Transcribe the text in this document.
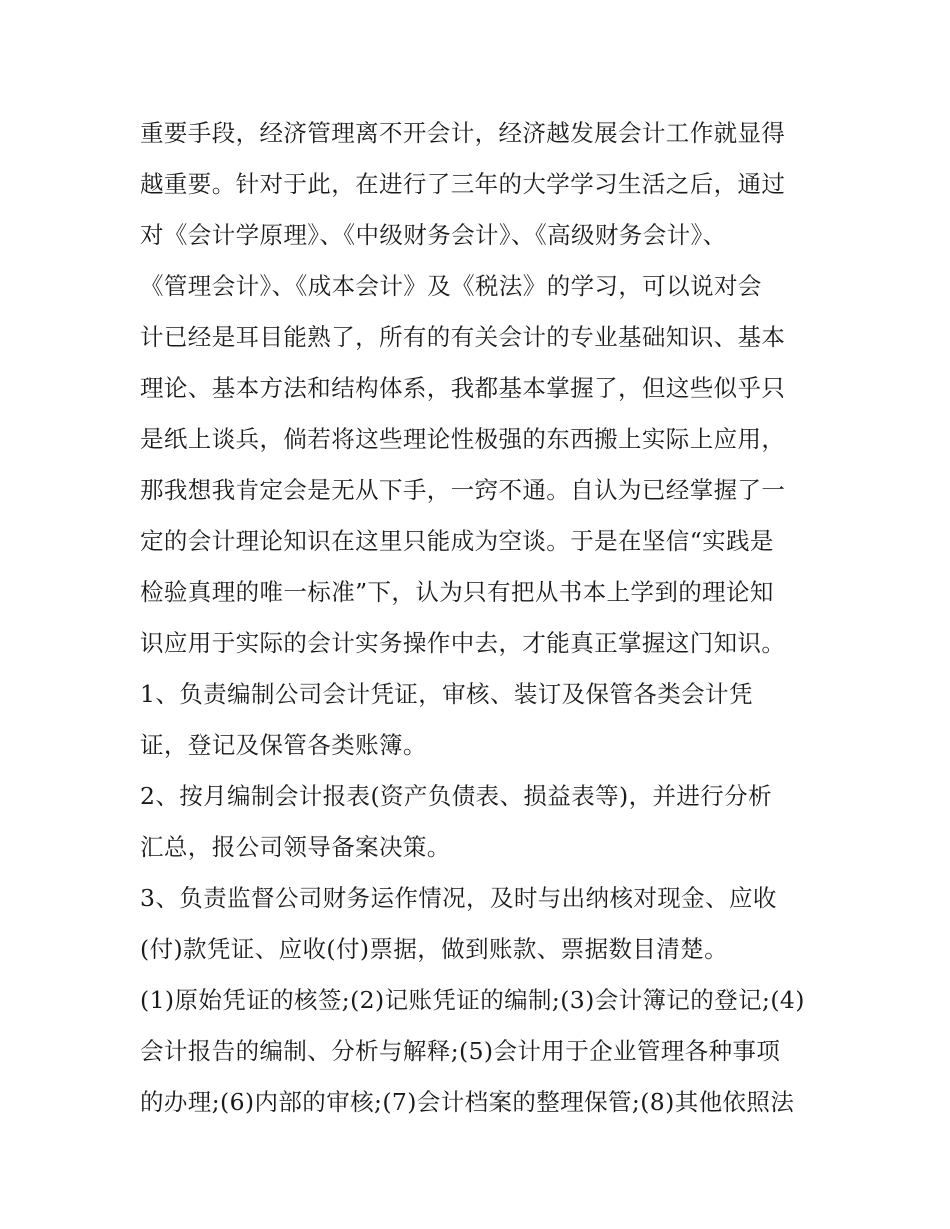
重要手段，经济管理离不开会计，经济越发展会计工作就显得
越重要。针对于此，在进行了三年的大学学习生活之后，通过
对《会计学原理》、《中级财务会计》、《高级财务会计》、
《管理会计》、《成本会计》及《税法》的学习，可以说对会
计已经是耳目能熟了，所有的有关会计的专业基础知识、基本
理论、基本方法和结构体系，我都基本掌握了，但这些似乎只
是纸上谈兵，倘若将这些理论性极强的东西搬上实际上应用，
那我想我肯定会是无从下手，一窍不通。自认为已经掌握了一
定的会计理论知识在这里只能成为空谈。于是在坚信“实践是
检验真理的唯一标准”下，认为只有把从书本上学到的理论知
识应用于实际的会计实务操作中去，才能真正掌握这门知识。
1、负责编制公司会计凭证，审核、装订及保管各类会计凭
证，登记及保管各类账簿。
2、按月编制会计报表(资产负债表、损益表等)，并进行分析
汇总，报公司领导备案决策。
3、负责监督公司财务运作情况，及时与出纳核对现金、应收
(付)款凭证、应收(付)票据，做到账款、票据数目清楚。
(1)原始凭证的核签;(2)记账凭证的编制;(3)会计簿记的登记;(4)
会计报告的编制、分析与解释;(5)会计用于企业管理各种事项
的办理;(6)内部的审核;(7)会计档案的整理保管;(8)其他依照法
